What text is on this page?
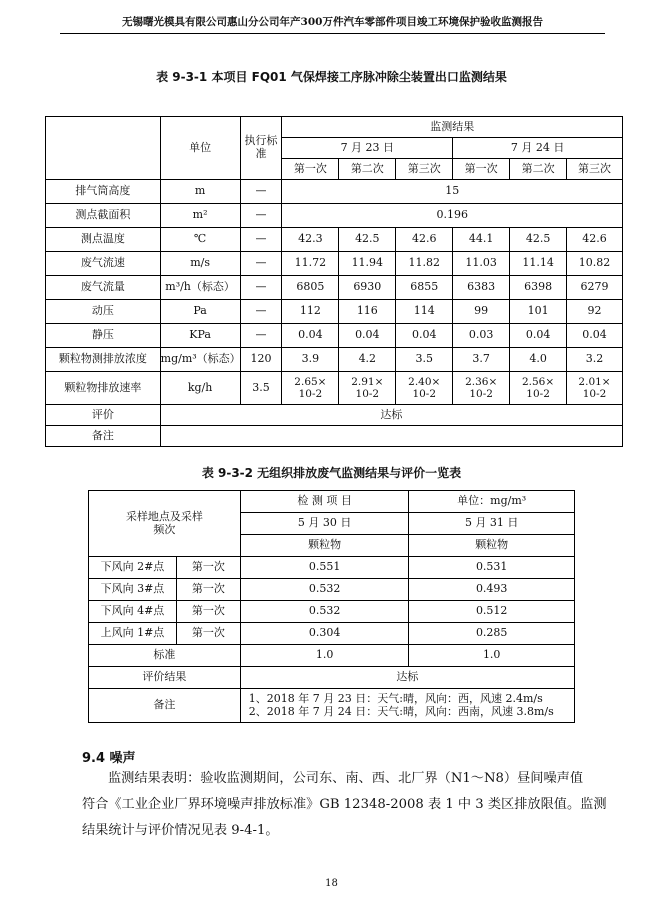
无锡曙光模具有限公司惠山分公司年产300万件汽车零部件项目竣工环境保护验收监测报告
表 9-3-1 本项目 FQ01 气保焊接工序脉冲除尘装置出口监测结果
	单位	执行标准	监测结果					
			7 月 23 日			7 月 24 日		
			第一次	第二次	第三次	第一次	第二次	第三次
排气筒高度	m	—	15					
测点截面积	m²	—	0.196					
测点温度	℃	—	42.3	42.5	42.6	44.1	42.5	42.6
废气流速	m/s	—	11.72	11.94	11.82	11.03	11.14	10.82
废气流量	m³/h（标态）	—	6805	6930	6855	6383	6398	6279
动压	Pa	—	112	116	114	99	101	92
静压	KPa	—	0.04	0.04	0.04	0.03	0.04	0.04
颗粒物测排放浓度	mg/m³（标态）	120	3.9	4.2	3.5	3.7	4.0	3.2
颗粒物排放速率	kg/h	3.5	2.65×
10-2	2.91×
10-2	2.40×
10-2	2.36×
10-2	2.56×
10-2	2.01×
10-2
评价	达标							
备注								
表 9-3-2 无组织排放废气监测结果与评价一览表
采样地点及采样频次		检 测 项 目	单位：mg/m³
		5 月 30 日	5 月 31 日
		颗粒物	颗粒物
下风向 2#点	第一次	0.551	0.531
下风向 3#点	第一次	0.532	0.493
下风向 4#点	第一次	0.532	0.512
上风向 1#点	第一次	0.304	0.285
标准		1.0	1.0
评价结果		达标	
备注		1、2018 年 7 月 23 日：天气:晴，风向：西，风速 2.4m/s
2、2018 年 7 月 24 日：天气:晴，风向：西南，风速 3.8m/s	
9.4 噪声
监测结果表明：验收监测期间，公司东、南、西、北厂界（N1～N8）昼间噪声值
符合《工业企业厂界环境噪声排放标准》GB 12348-2008 表 1 中 3 类区排放限值。监测
结果统计与评价情况见表 9-4-1。
18
